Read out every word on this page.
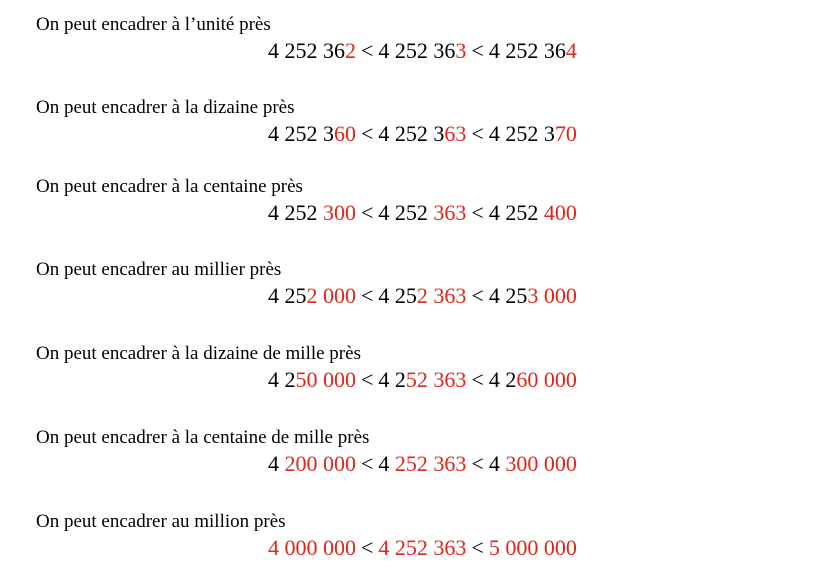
On peut encadrer à l’unité près
4 252 362 < 4 252 363 < 4 252 364
On peut encadrer à la dizaine près
4 252 360 < 4 252 363 < 4 252 370
On peut encadrer à la centaine près
4 252 300 < 4 252 363 < 4 252 400
On peut encadrer au millier près
4 252 000 < 4 252 363 < 4 253 000
On peut encadrer à la dizaine de mille près
4 250 000 < 4 252 363 < 4 260 000
On peut encadrer à la centaine de mille près
4 200 000 < 4 252 363 < 4 300 000
On peut encadrer au million près
4 000 000 < 4 252 363 < 5 000 000
